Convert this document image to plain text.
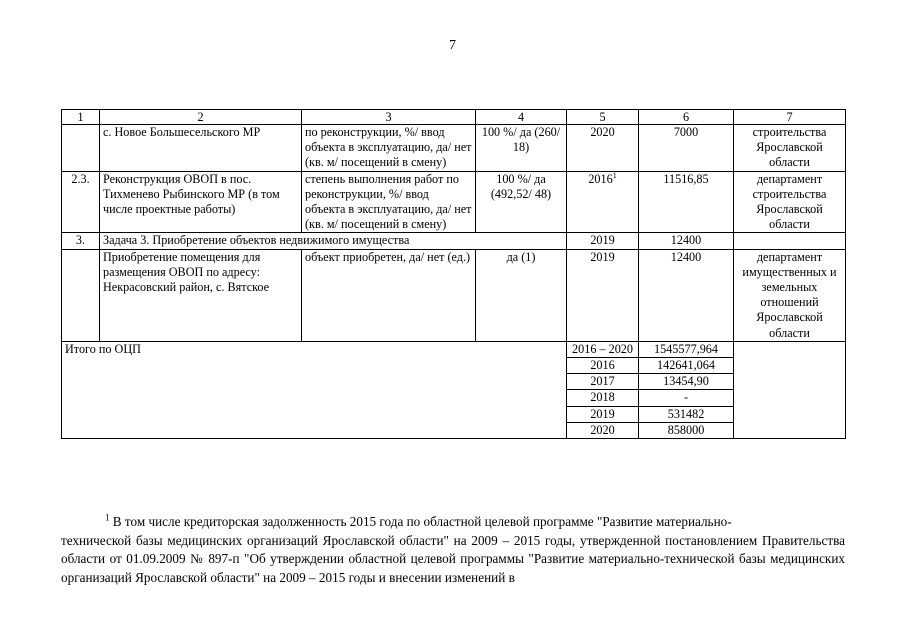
7
1	2	3	4	5	6	7
	с. Новое Большесельского МР	по реконструкции, %/ ввод объекта в эксплуатацию, да/ нет (кв. м/ посещений в смену)	100 %/ да (260/ 18)	2020	7000	строительства Ярославской области
2.3.	Реконструкция ОВОП в пос. Тихменево Рыбинского МР (в том числе проектные работы)	степень выполнения работ по реконструкции, %/ ввод объекта в эксплуатацию, да/ нет (кв. м/ посещений в смену)	100 %/ да (492,52/ 48)	2016$^1$	11516,85	департамент строительства Ярославской области
3.	Задача 3. Приобретение объектов недвижимого имущества			2019	12400	
	Приобретение помещения для размещения ОВОП по адресу: Некрасовский район, с. Вятское	объект приобретен, да/ нет (ед.)	да (1)	2019	12400	департамент имущественных и земельных отношений Ярославской области
Итого по ОЦП				2016 – 2020	1545577,964	
				2016	142641,064	
				2017	13454,90	
				2018	-	
				2019	531482	
				2020	858000	
$^1$ В том числе кредиторская задолженность 2015 года по областной целевой программе "Развитие материально-
технической базы медицинских организаций Ярославской области" на 2009 – 2015 годы, утвержденной постановлением Правительства области от 01.09.2009 № 897-п "Об утверждении областной целевой программы "Развитие материально-технической базы медицинских организаций Ярославской области" на 2009 – 2015 годы и внесении изменений в
